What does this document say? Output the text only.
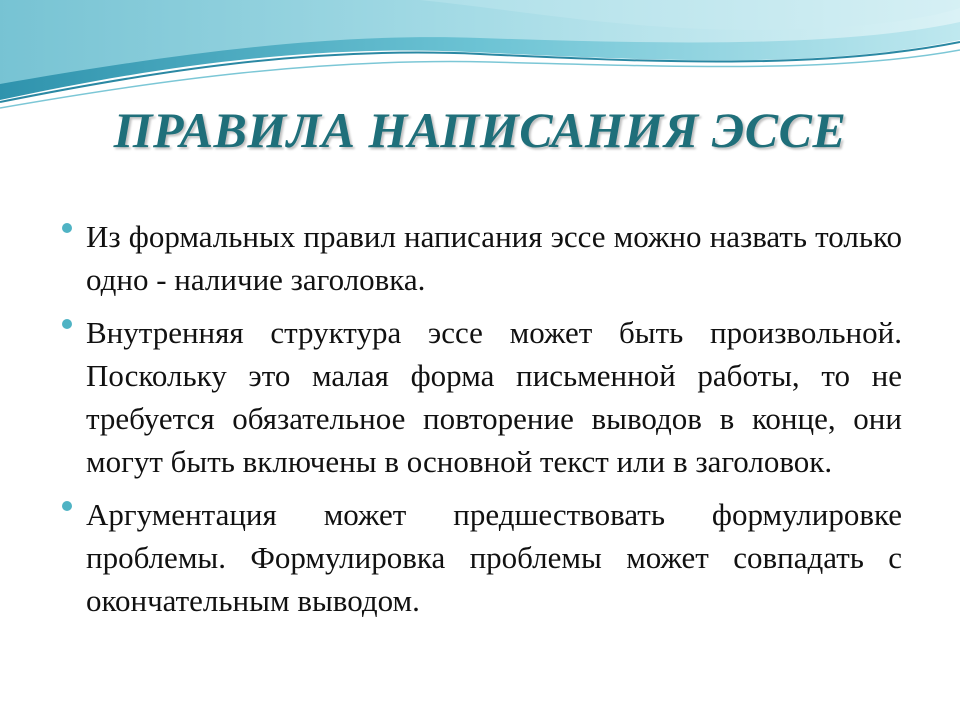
ПРАВИЛА НАПИСАНИЯ ЭССЕ
Из формальных правил написания эссе можно назвать только одно - наличие заголовка.
Внутренняя структура эссе может быть произвольной. Поскольку это малая форма письменной работы, то не требуется обязательное повторение выводов в конце, они могут быть включены в основной текст или в заголовок.
Аргументация может предшествовать формулировке проблемы. Формулировка проблемы может совпадать с окончательным выводом.
